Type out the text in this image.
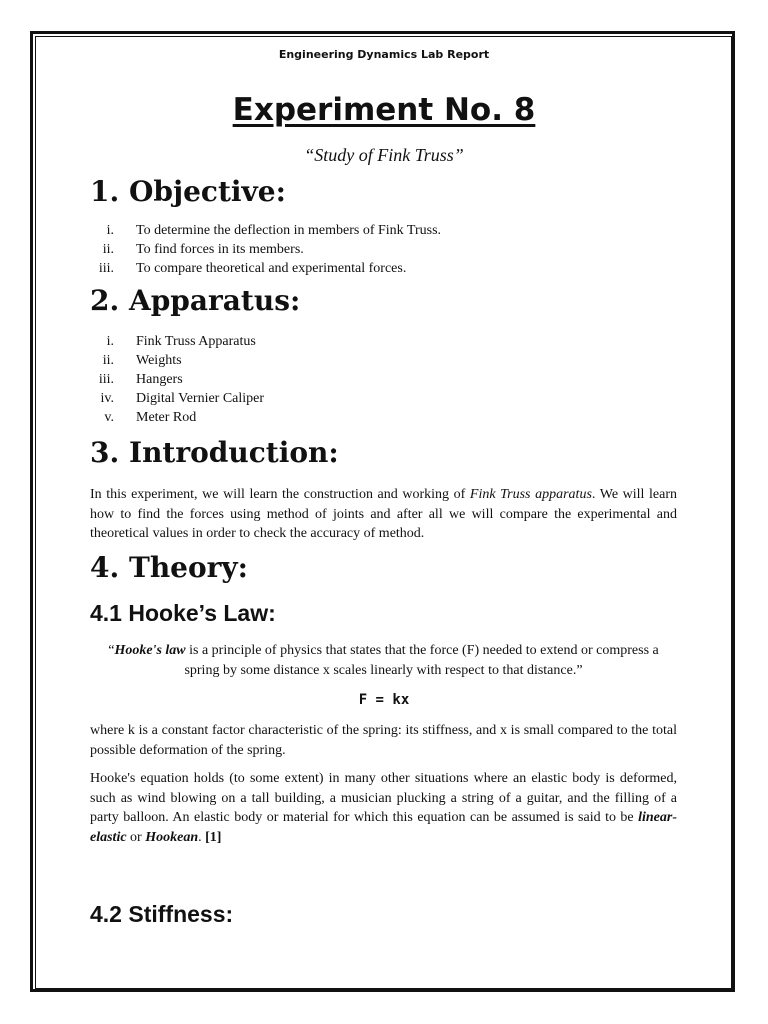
Engineering Dynamics Lab Report
Experiment No. 8
“Study of Fink Truss”
1. Objective:
i. To determine the deflection in members of Fink Truss.
ii. To find forces in its members.
iii. To compare theoretical and experimental forces.
2. Apparatus:
i. Fink Truss Apparatus
ii. Weights
iii. Hangers
iv. Digital Vernier Caliper
v. Meter Rod
3. Introduction:

In this experiment, we will learn the construction and working of Fink Truss apparatus. We will learn how to find the forces using method of joints and after all we will compare the experimental and theoretical values in order to check the accuracy of method.

4. Theory:
4.1 Hooke’s Law:

“Hooke's law is a principle of physics that states that the force (F) needed to extend or compress a spring by some distance x scales linearly with respect to that distance.”

F = kx

where k is a constant factor characteristic of the spring: its stiffness, and x is small compared to the total possible deformation of the spring.

Hooke's equation holds (to some extent) in many other situations where an elastic body is deformed, such as wind blowing on a tall building, a musician plucking a string of a guitar, and the filling of a party balloon. An elastic body or material for which this equation can be assumed is said to be linear-elastic or Hookean. [1]

4.2 Stiffness:
